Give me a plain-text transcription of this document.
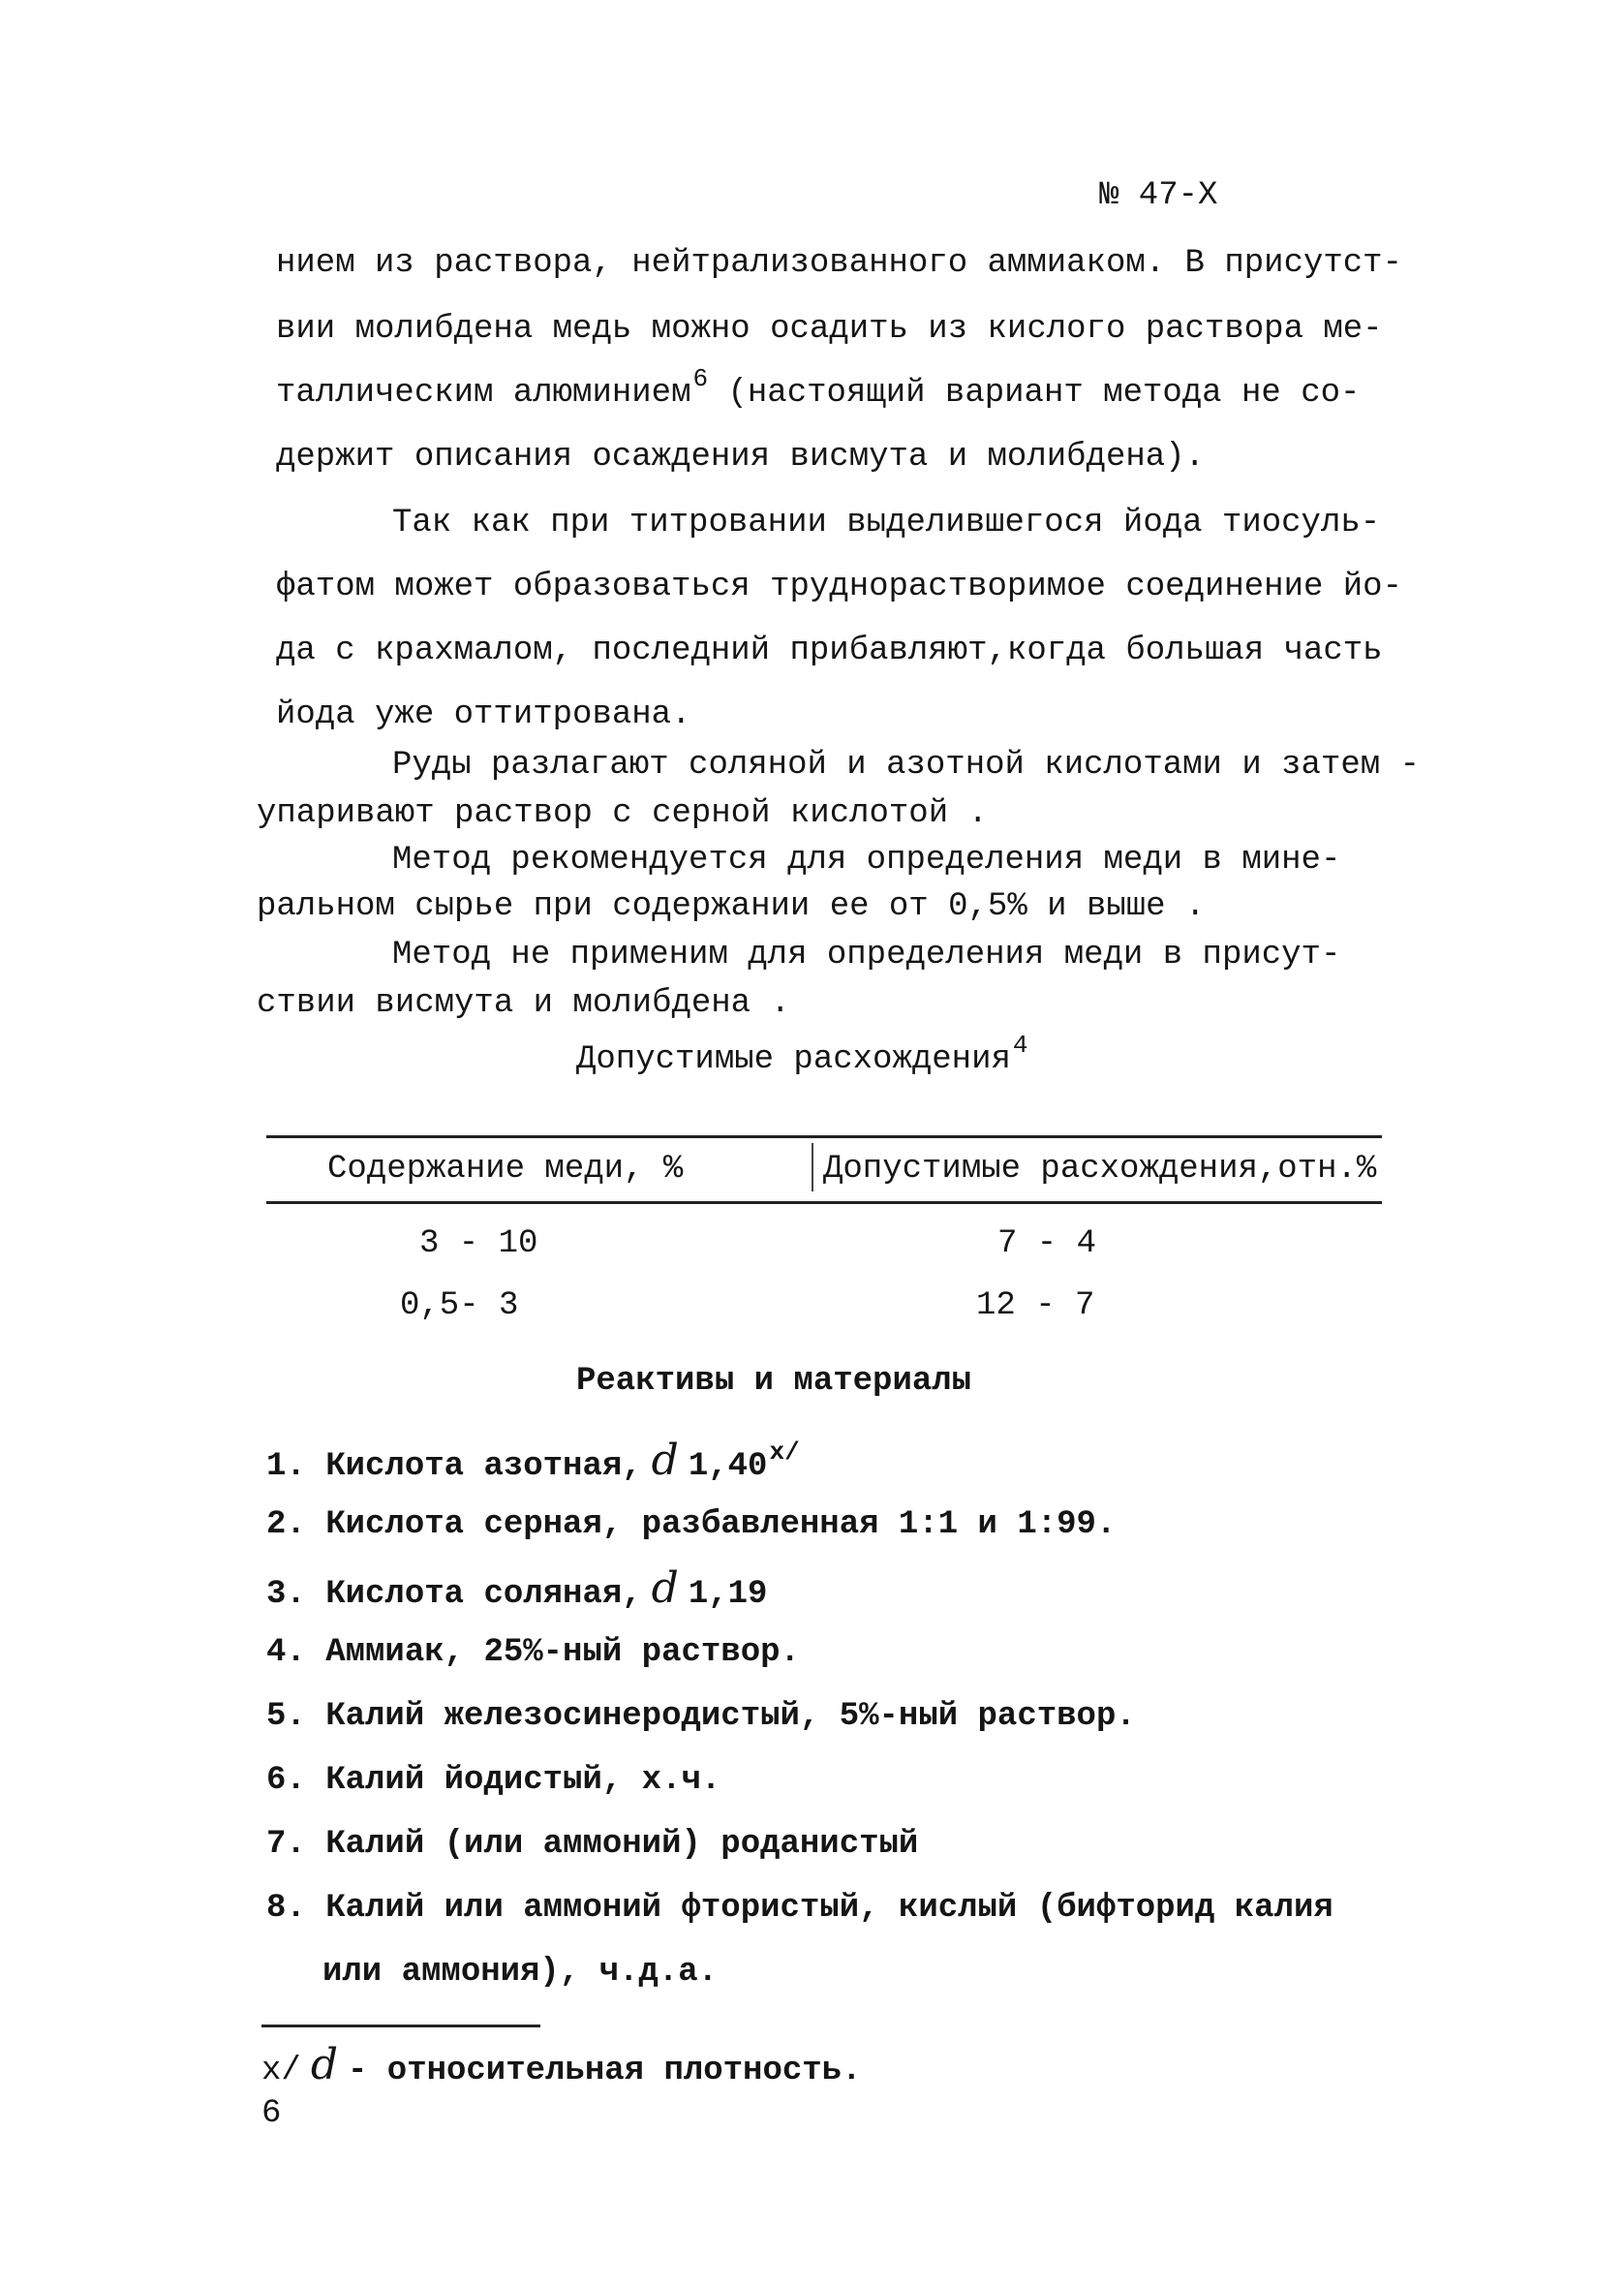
№ 47-Х
нием из раствора, нейтрализованного аммиаком. В присутст-
вии молибдена медь можно осадить из кислого раствора ме-
таллическим алюминием$^6$ (настоящий вариант метода не со-
держит описания осаждения висмута и молибдена).
Так как при титровании выделившегося йода тиосуль-
фатом может образоваться труднорастворимое соединение йо-
да с крахмалом, последний прибавляют,когда большая часть
йода уже оттитрована.
Руды разлагают соляной и азотной кислотами и затем -
упаривают раствор с серной кислотой .
Метод рекомендуется для определения меди в мине-
ральном сырье при содержании ее от 0,5% и выше .
Метод не применим для определения меди в присут-
ствии висмута и молибдена .
Допустимые расхождения$^4$
Содержание меди, %	Допустимые расхождения,отн.%
3 - 10	7 - 4
0,5- 3	12 - 7
Реактивы и материалы
1. Кислота азотная, d $1,40^{x/}$
2. Кислота серная, разбавленная 1:1 и 1:99.
3. Кислота соляная, d 1,19
4. Аммиак, 25%-ный раствор.
5. Калий железосинеродистый, 5%-ный раствор.
6. Калий йодистый, х.ч.
7. Калий (или аммоний) роданистый
8. Калий или аммоний фтористый, кислый (бифторид калия
или аммония), ч.д.а.
x/ d - относительная плотность.
6
